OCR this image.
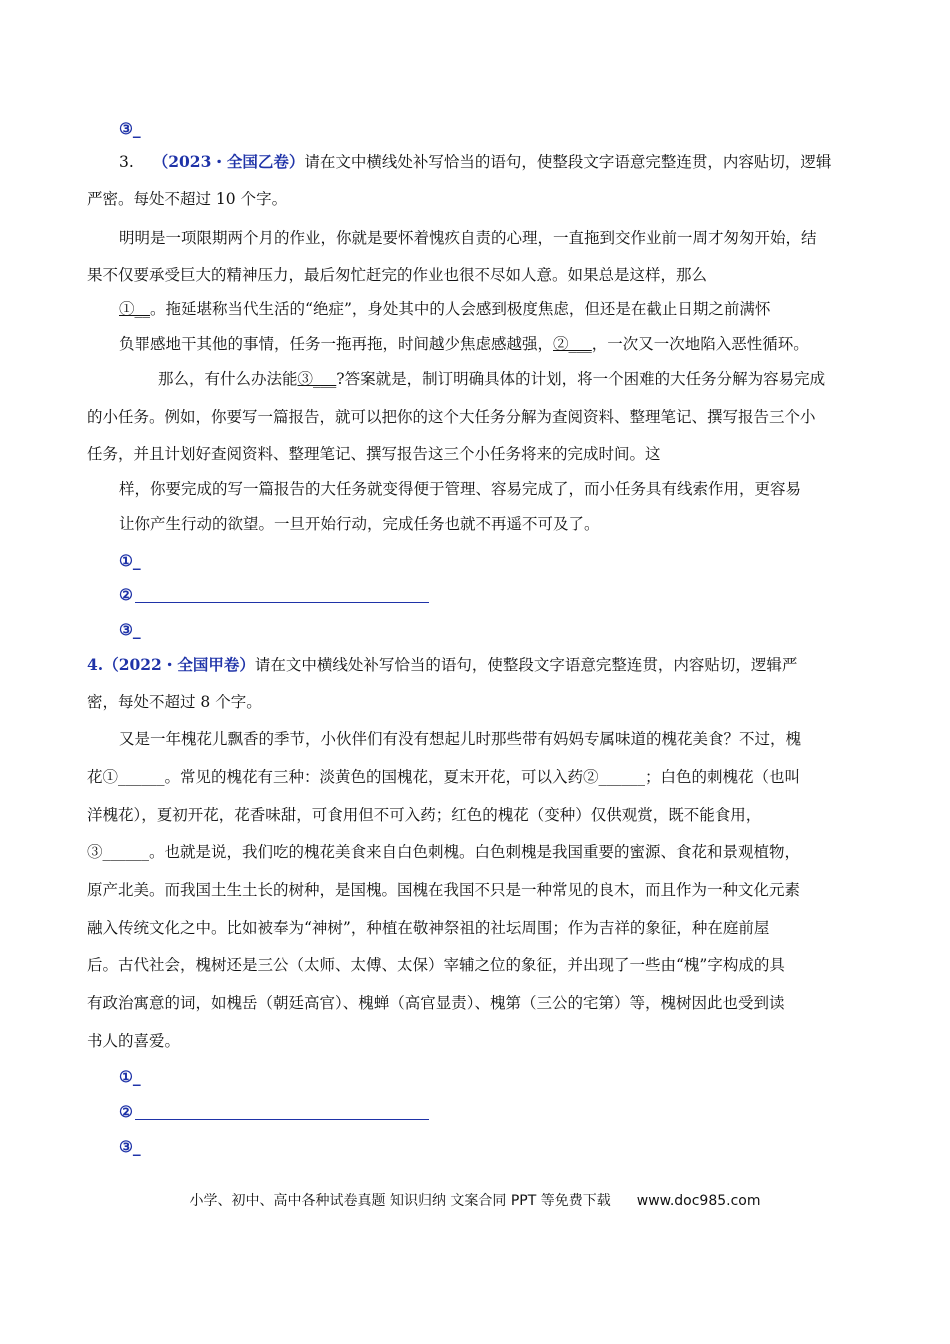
③_

3. （2023・全国乙卷）请在文中横线处补写恰当的语句，使整段文字语意完整连贯，内容贴切，逻辑

严密。每处不超过 10 个字。

明明是一项限期两个月的作业，你就是要怀着愧疚自责的心理，一直拖到交作业前一周才匆匆开始，结

果不仅要承受巨大的精神压力，最后匆忙赶完的作业也很不尽如人意。如果总是这样，那么

①__。拖延堪称当代生活的“绝症”，身处其中的人会感到极度焦虑，但还是在截止日期之前满怀

负罪感地干其他的事情，任务一拖再拖，时间越少焦虑感越强，②___，一次又一次地陷入恶性循环。

那么，有什么办法能③___?答案就是，制订明确具体的计划，将一个困难的大任务分解为容易完成

的小任务。例如，你要写一篇报告，就可以把你的这个大任务分解为查阅资料、整理笔记、撰写报告三个小

任务，并且计划好查阅资料、整理笔记、撰写报告这三个小任务将来的完成时间。这

样，你要完成的写一篇报告的大任务就变得便于管理、容易完成了，而小任务具有线索作用，更容易

让你产生行动的欲望。一旦开始行动，完成任务也就不再遥不可及了。

①_
②
③_

4.（2022・全国甲卷）请在文中横线处补写恰当的语句，使整段文字语意完整连贯，内容贴切，逻辑严

密，每处不超过 8 个字。

又是一年槐花儿飘香的季节，小伙伴们有没有想起儿时那些带有妈妈专属味道的槐花美食？不过，槐

花①______。常见的槐花有三种：淡黄色的国槐花，夏末开花，可以入药②______；白色的刺槐花（也叫

洋槐花），夏初开花，花香味甜，可食用但不可入药；红色的槐花（变种）仅供观赏，既不能食用，

③______。也就是说，我们吃的槐花美食来自白色刺槐。白色刺槐是我国重要的蜜源、食花和景观植物，

原产北美。而我国土生土长的树种，是国槐。国槐在我国不只是一种常见的良木，而且作为一种文化元素

融入传统文化之中。比如被奉为“神树”，种植在敬神祭祖的社坛周围；作为吉祥的象征，种在庭前屋

后。古代社会，槐树还是三公（太师、太傅、太保）宰辅之位的象征，并出现了一些由“槐”字构成的具

有政治寓意的词，如槐岳（朝廷高官）、槐蝉（高官显责）、槐第（三公的宅第）等，槐树因此也受到读

书人的喜爱。

①_
②
③_
小学、初中、高中各种试卷真题 知识归纳 文案合同 PPT 等免费下载 www.doc985.com
